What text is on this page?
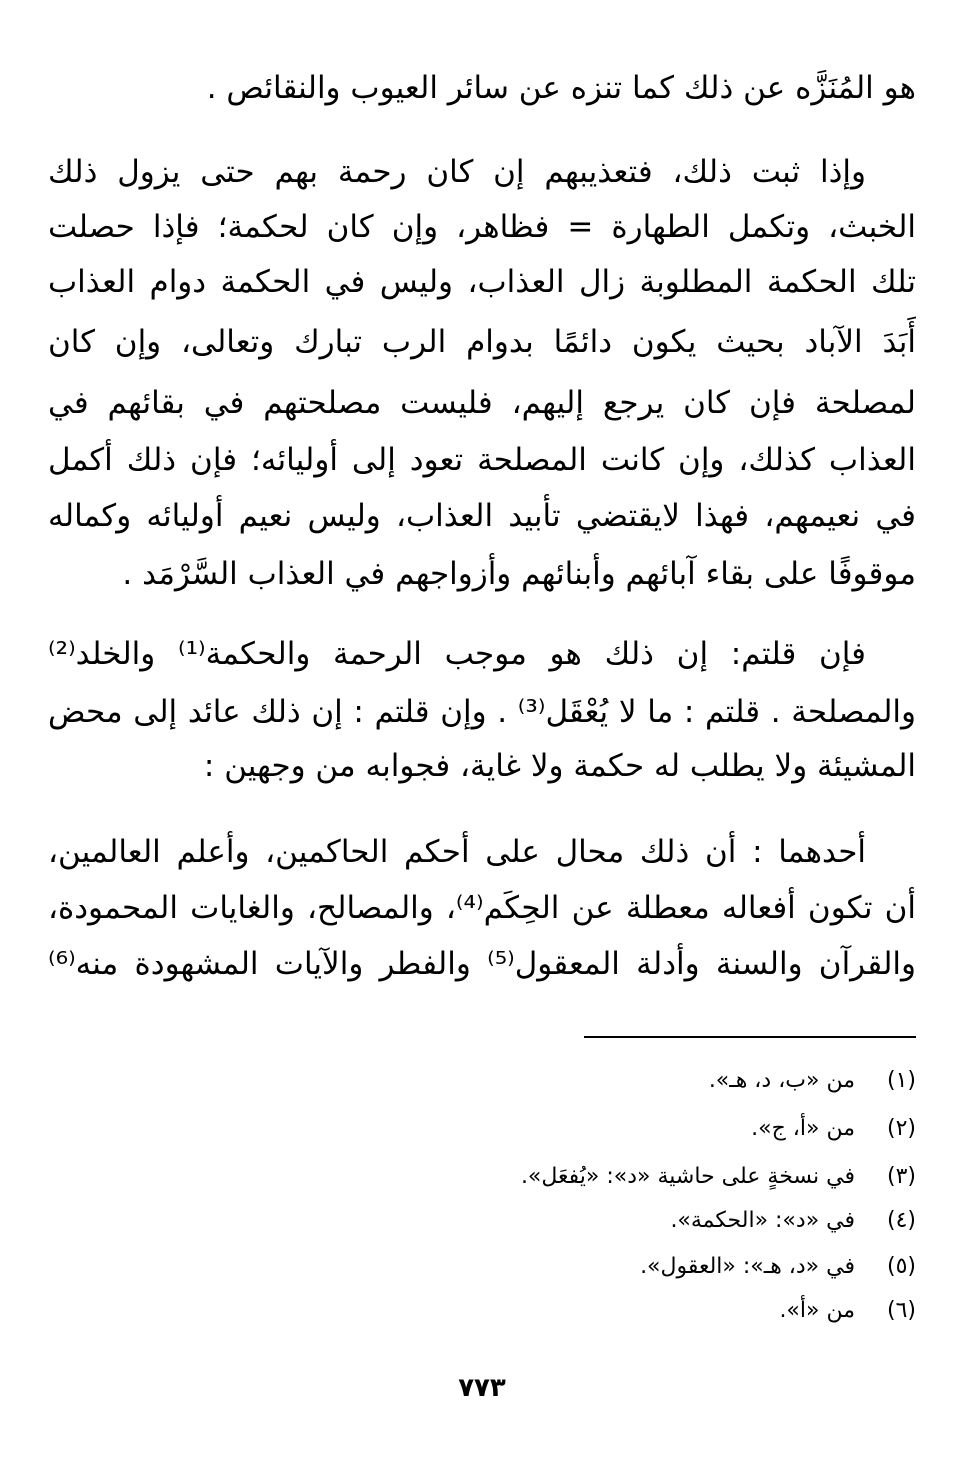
هو المُنَزَّه عن ذلك كما تنزه عن سائر العيوب والنقائص .
وإذا ثبت ذلك، فتعذيبهم إن كان رحمة بهم حتى يزول ذلك
الخبث، وتكمل الطهارة = فظاهر، وإن كان لحكمة؛ فإذا حصلت
تلك الحكمة المطلوبة زال العذاب، وليس في الحكمة دوام العذاب
أَبَدَ الآباد بحيث يكون دائمًا بدوام الرب تبارك وتعالى، وإن كان
لمصلحة فإن كان يرجع إليهم، فليست مصلحتهم في بقائهم في
العذاب كذلك، وإن كانت المصلحة تعود إلى أوليائه؛ فإن ذلك أكمل
في نعيمهم، فهذا لايقتضي تأبيد العذاب، وليس نعيم أوليائه وكماله
موقوفًا على بقاء آبائهم وأبنائهم وأزواجهم في العذاب السَّرْمَد .
فإن قلتم: إن ذلك هو موجب الرحمة والحكمة⁽¹⁾ والخلد⁽²⁾
والمصلحة . قلتم : ما لا يُعْقَل⁽³⁾ . وإن قلتم : إن ذلك عائد إلى محض
المشيئة ولا يطلب له حكمة ولا غاية، فجوابه من وجهين :
أحدهما : أن ذلك محال على أحكم الحاكمين، وأعلم العالمين،
أن تكون أفعاله معطلة عن الحِكَم⁽⁴⁾، والمصالح، والغايات المحمودة،
والقرآن والسنة وأدلة المعقول⁽⁵⁾ والفطر والآيات المشهودة منه⁽⁶⁾
(١) من «ب، د، هـ».
(٢) من «أ، ج».
(٣) في نسخةٍ على حاشية «د»: «يُفعَل».
(٤) في «د»: «الحكمة».
(٥) في «د، هـ»: «العقول».
(٦) من «أ».
٧٧٣
